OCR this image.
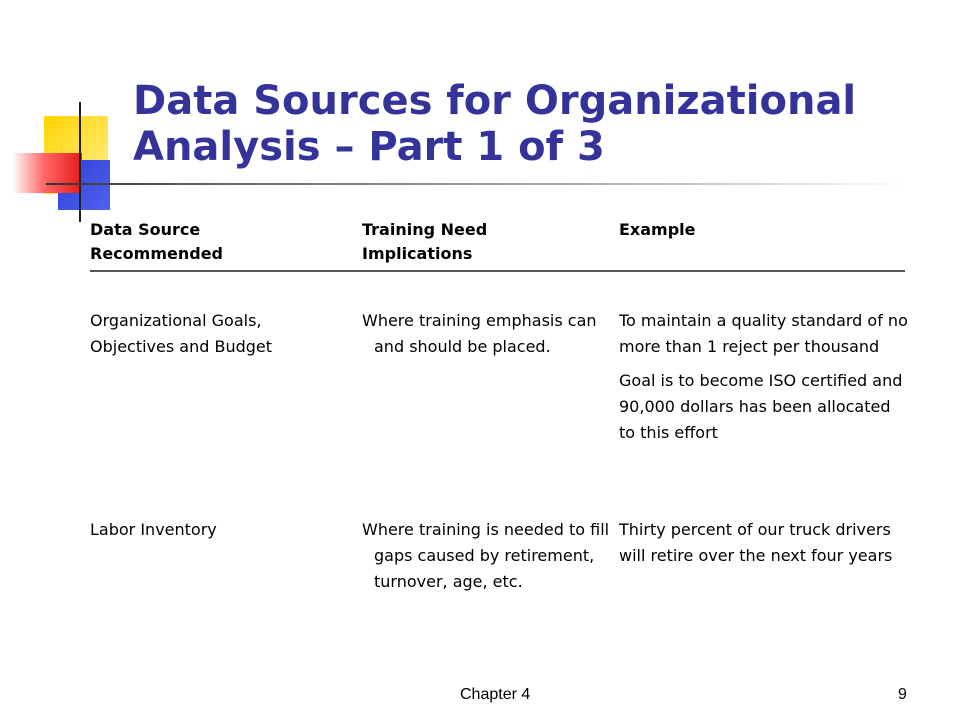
Data Sources for Organizational
Analysis – Part 1 of 3
Data Source
Recommended
Training Need
Implications
Example

Organizational Goals,

Objectives and Budget

Where training emphasis can and should be placed.

To maintain a quality standard of no more than 1 reject per thousand

Goal is to become ISO certified and 90,000 dollars has been allocated to this effort

Labor Inventory	Where training is needed to fill gaps caused by retirement, turnover, age, etc.

Thirty percent of our truck drivers will retire over the next four years

Chapter 4	9
